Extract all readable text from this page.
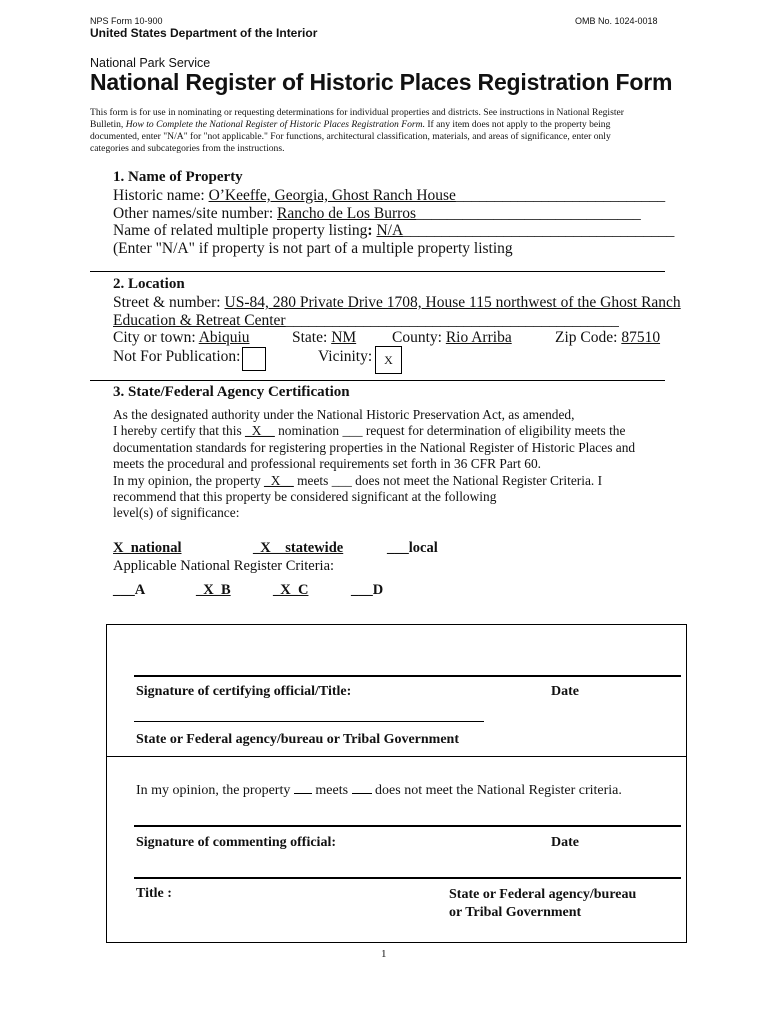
NPS Form 10-900	OMB No. 1024-0018
United States Department of the Interior
National Park Service
National Register of Historic Places Registration Form
This form is for use in nominating or requesting determinations for individual properties and districts. See instructions in National Register
Bulletin, How to Complete the National Register of Historic Places Registration Form. If any item does not apply to the property being
documented, enter "N/A" for "not applicable." For functions, architectural classification, materials, and areas of significance, enter only
categories and subcategories from the instructions.
1. Name of Property
Historic name: O’Keeffe, Georgia, Ghost Ranch House___________________________
Other names/site number: Rancho de Los Burros_____________________________
Name of related multiple property listing: N/A___________________________________
(Enter "N/A" if property is not part of a multiple property listing
2. Location
Street & number: US-84, 280 Private Drive 1708, House 115 northwest of the Ghost Ranch
Education & Retreat Center___________________________________________
City or town: Abiquiu	State: NM County: Rio Arriba	Zip Code: 87510
Not For Publication:	Vicinity: X
3. State/Federal Agency Certification
As the designated authority under the National Historic Preservation Act, as amended,
I hereby certify that this _X__ nomination ___ request for determination of eligibility meets the
documentation standards for registering properties in the National Register of Historic Places and
meets the procedural and professional requirements set forth in 36 CFR Part 60.
In my opinion, the property _X__ meets ___ does not meet the National Register Criteria. I
recommend that this property be considered significant at the following
level(s) of significance:
X_national	_X__statewide	___local
Applicable National Register Criteria:
___A	_X_B	_X_C	___D
Signature of certifying official/Title:	Date
State or Federal agency/bureau or Tribal Government
In my opinion, the property  meets  does not meet the National Register criteria.
Signature of commenting official:	Date
Title :	State or Federal agency/bureau
or Tribal Government
1
